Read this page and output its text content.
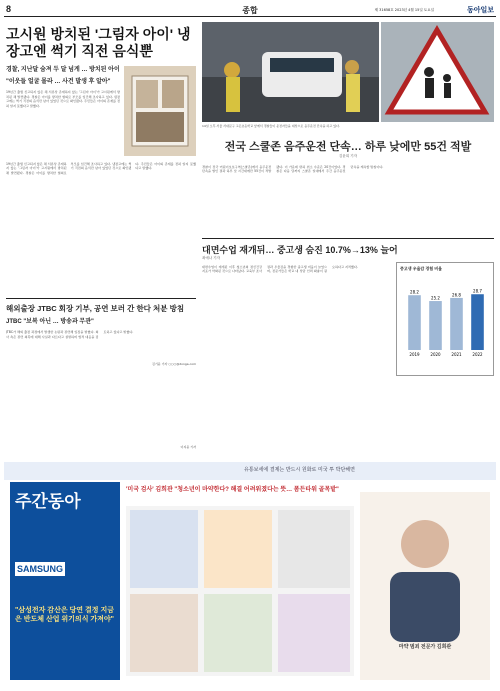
8	종합	제 31658호 2023년 4월 15일 토요일	동아일보
고시원 방치된 '그림자 아이' 냉장고엔 썩기 직전 음식뿐
경찰, 지난달 숨져 두 달 넘게 … 방치된 아이
"이웃들 얼굴 몰라 … 사건 발생 후 알아"
19년간 출생 신고되지 않은 채 서류상 존재하지 않는 '그림자 아이'가 고시원에서 방치된 채 발견됐다. 경찰은 아이를 방치한 혐의로 부모를 입건해 조사하고 있다. 냉장고에는 썩기 직전의 음식만 남아 있었던 것으로 확인됐다. 주민들은 아이의 존재를 전혀 알지 못했다고 말했다.
19년간 출생 신고되지 않은 채 서류상 존재하지 않는 '그림자 아이'가 고시원에서 방치된 채 발견됐다. 경찰은 아이를 방치한 혐의로 부모를 입건해 조사하고 있다. 냉장고에는 썩기 직전의 음식만 남아 있었던 것으로 확인됐다. 주민들은 아이의 존재를 전혀 알지 못했다고 말했다.
김기윤 기자 ○○○@donga.com
14일 오후 서울 서대문구 고은초등학교 앞에서 경찰들이 운전자들을 대상으로 음주운전 단속을 하고 있다.
전국 스쿨존 음주운전 단속… 하루 낮에만 55건 적발
김윤희 기자
경찰이 전국 어린이보호구역(스쿨존)에서 음주운전 단속을 벌인 결과 하루 낮 시간대에만 55건이 적발됐다. 이 가운데 면허 취소 수준은 20건이었다. 경찰은 다음 달까지 스쿨존 일대에서 주간 음주운전 단속을 계속할 방침이다.
해외출장 JTBC 회장 기부, 공연 보러 간 한다 처분 방침
JTBC "보복 아닌 … 방송과 무관"
JTBC가 해외 출장 과정에서 발생한 논란과 관련해 입장을 밝혔다. 회사 측은 관련 의혹에 대해 사실과 다르다고 설명하며 법적 대응을 검토하고 있다고 밝혔다.
이지윤 기자
대면수업 재개뒤… 중고생 숨진 10.7%→13% 늘어
최예나 기자
대면수업이 재개된 이후 청소년의 정신건강 지표가 악화된 것으로 나타났다. 교육부 조사 결과 우울감을 경험한 중고생 비율이 늘었으며, 전문가들은 학교 내 상담 인력 확충이 필요하다고 지적했다.	중고생 우울감 경험 비율
28.2
2019
25.2
2020
26.8
2021
28.7
2022
유통보세에 결제는 반드시 원화로 미국 투 박단해면
주간동아
SAMSUNG
"삼성전자 감산은 당연 결정 지금은 반도체 산업 위기의식 가져야"
'미국 검사' 김희관 "청소년이 마약한다? 해결 어려워졌다는 뜻… 폼든타워 골목밭"
마약 범죄 전문가 김희관
